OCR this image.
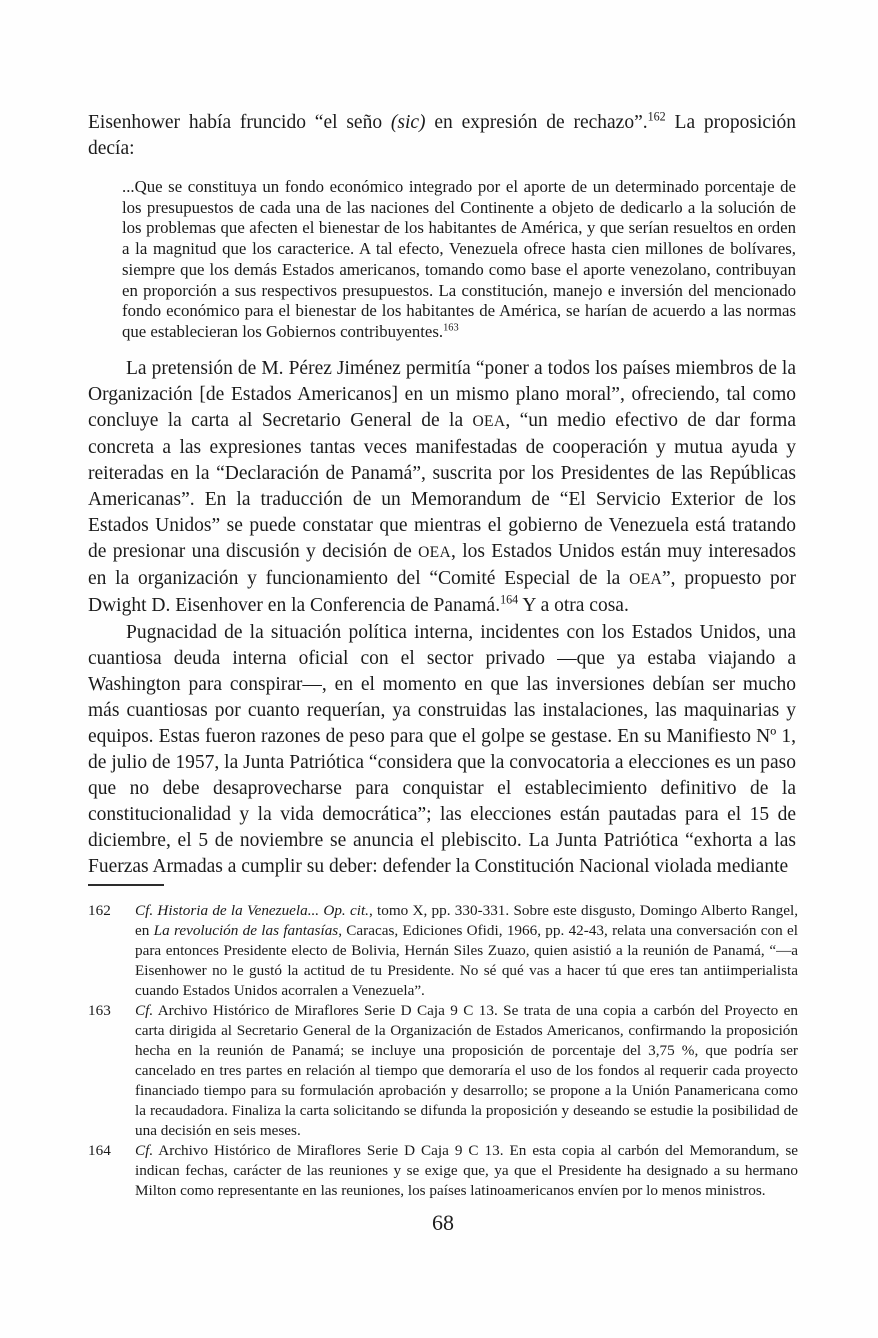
Eisenhower había fruncido “el seño (sic) en expresión de rechazo”.$^{162}$ La proposición decía:

...Que se constituya un fondo económico integrado por el aporte de un determinado porcentaje de los presupuestos de cada una de las naciones del Continente a objeto de dedicarlo a la solución de los problemas que afecten el bienestar de los habitantes de América, y que serían resueltos en orden a la magnitud que los caracterice. A tal efecto, Venezuela ofrece hasta cien millones de bolívares, siempre que los demás Estados americanos, tomando como base el aporte venezolano, contribuyan en proporción a sus respectivos presupuestos. La constitución, manejo e inversión del mencionado fondo económico para el bienestar de los habitantes de América, se harían de acuerdo a las normas que establecieran los Gobiernos contribuyentes.$^{163}$

La pretensión de M. Pérez Jiménez permitía “poner a todos los países miembros de la Organización [de Estados Americanos] en un mismo plano moral”, ofreciendo, tal como concluye la carta al Secretario General de la OEA, “un medio efectivo de dar forma concreta a las expresiones tantas veces manifestadas de cooperación y mutua ayuda y reiteradas en la “Declaración de Panamá”, suscrita por los Presidentes de las Repúblicas Americanas”. En la traducción de un Memorandum de “El Servicio Exterior de los Estados Unidos” se puede constatar que mientras el gobierno de Venezuela está tratando de presionar una discusión y decisión de OEA, los Estados Unidos están muy interesados en la organización y funcionamiento del “Comité Especial de la OEA”, propuesto por Dwight D. Eisenhover en la Conferencia de Panamá.$^{164}$ Y a otra cosa.

Pugnacidad de la situación política interna, incidentes con los Estados Unidos, una cuantiosa deuda interna oficial con el sector privado —que ya estaba viajando a Washington para conspirar—, en el momento en que las inversiones debían ser mucho más cuantiosas por cuanto requerían, ya construidas las instalaciones, las maquinarias y equipos. Estas fueron razones de peso para que el golpe se gestase. En su Manifiesto Nº 1, de julio de 1957, la Junta Patriótica “considera que la convocatoria a elecciones es un paso que no debe desaprovecharse para conquistar el establecimiento definitivo de la constitucionalidad y la vida democrática”; las elecciones están pautadas para el 15 de diciembre, el 5 de noviembre se anuncia el plebiscito. La Junta Patriótica “exhorta a las Fuerzas Armadas a cumplir su deber: defender la Constitución Nacional violada mediante

162	Cf. Historia de la Venezuela... Op. cit., tomo X, pp. 330-331. Sobre este disgusto, Domingo Alberto Rangel, en La revolución de las fantasías, Caracas, Ediciones Ofidi, 1966, pp. 42-43, relata una conversación con el para entonces Presidente electo de Bolivia, Hernán Siles Zuazo, quien asistió a la reunión de Panamá, “—a Eisenhower no le gustó la actitud de tu Presidente. No sé qué vas a hacer tú que eres tan antiimperialista cuando Estados Unidos acorralen a Venezuela”.
163	Cf. Archivo Histórico de Miraflores Serie D Caja 9 C 13. Se trata de una copia a carbón del Proyecto en carta dirigida al Secretario General de la Organización de Estados Americanos, confirmando la proposición hecha en la reunión de Panamá; se incluye una proposición de porcentaje del 3,75 %, que podría ser cancelado en tres partes en relación al tiempo que demoraría el uso de los fondos al requerir cada proyecto financiado tiempo para su formulación aprobación y desarrollo; se propone a la Unión Panamericana como la recaudadora. Finaliza la carta solicitando se difunda la proposición y deseando se estudie la posibilidad de una decisión en seis meses.
164	Cf. Archivo Histórico de Miraflores Serie D Caja 9 C 13. En esta copia al carbón del Memorandum, se indican fechas, carácter de las reuniones y se exige que, ya que el Presidente ha designado a su hermano Milton como representante en las reuniones, los países latinoamericanos envíen por lo menos ministros.
68
